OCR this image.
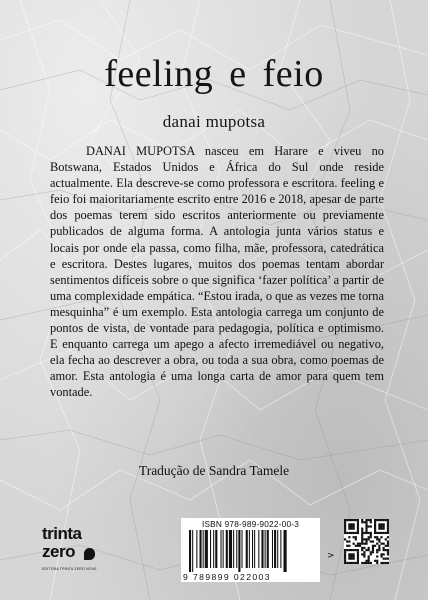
feeling e feio
danai mupotsa
DANAI MUPOTSA nasceu em Harare e viveu no Botswana, Estados Unidos e África do Sul onde reside actualmente. Ela descreve-se como professora e escritora. feeling e feio foi maioritariamente escrito entre 2016 e 2018, apesar de parte dos poemas terem sido escritos anteriormente ou previamente publicados de alguma forma. A antologia junta vários status e locais por onde ela passa, como filha, mãe, professora, catedrática e escritora. Destes lugares, muitos dos poemas tentam abordar sentimentos difíceis sobre o que significa ‘fazer política’ a partir de uma complexidade empática. “Estou irada, o que as vezes me torna mesquinha” é um exemplo. Esta antologia carrega um conjunto de pontos de vista, de vontade para pedagogia, política e optimismo. E enquanto carrega um apego a afecto irremediável ou negativo, ela fecha ao descrever a obra, ou toda a sua obra, como poemas de amor. Esta antologia é uma longa carta de amor para quem tem vontade.
Tradução de Sandra Tamele
trinta
zero
EDITORA TRINTA ZERO NOVE
ISBN 978-989-9022-00-3
9 789899 022003
>
